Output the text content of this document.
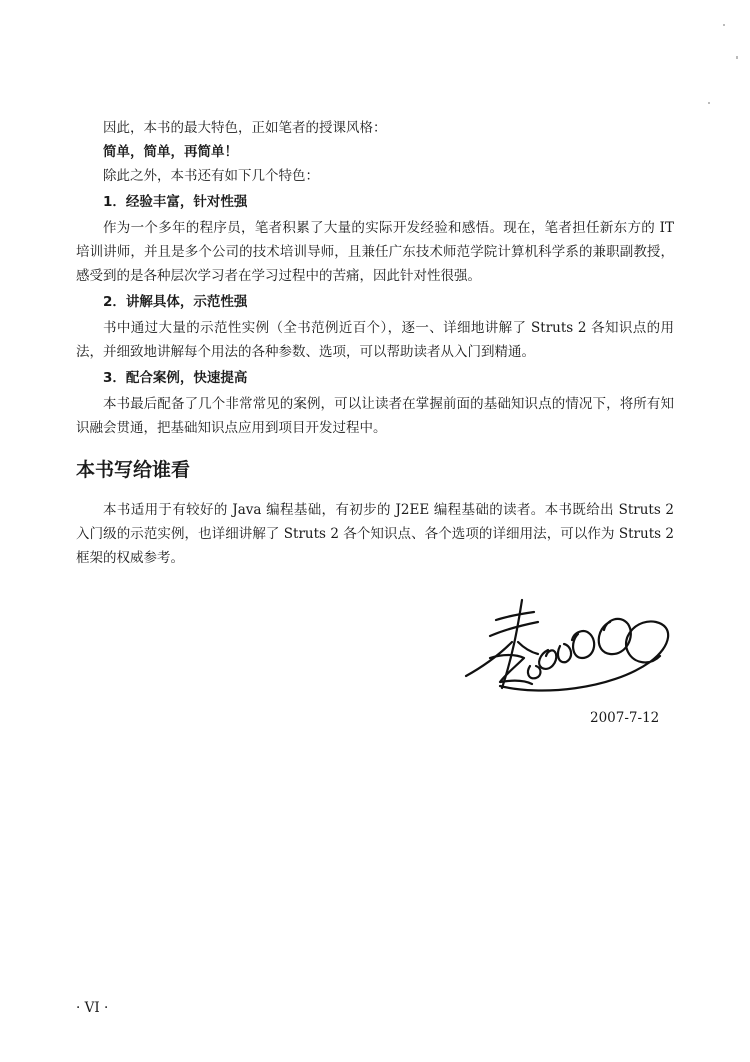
因此，本书的最大特色，正如笔者的授课风格：

简单，简单，再简单！

除此之外，本书还有如下几个特色：

1．经验丰富，针对性强

作为一个多年的程序员，笔者积累了大量的实际开发经验和感悟。现在，笔者担任新东方的 IT 培训讲师，并且是多个公司的技术培训导师，且兼任广东技术师范学院计算机科学系的兼职副教授，感受到的是各种层次学习者在学习过程中的苦痛，因此针对性很强。

2．讲解具体，示范性强

书中通过大量的示范性实例（全书范例近百个），逐一、详细地讲解了 Struts 2 各知识点的用法，并细致地讲解每个用法的各种参数、选项，可以帮助读者从入门到精通。

3．配合案例，快速提高

本书最后配备了几个非常常见的案例，可以让读者在掌握前面的基础知识点的情况下，将所有知识融会贯通，把基础知识点应用到项目开发过程中。

本书写给谁看

本书适用于有较好的 Java 编程基础，有初步的 J2EE 编程基础的读者。本书既给出 Struts 2 入门级的示范实例，也详细讲解了 Struts 2 各个知识点、各个选项的详细用法，可以作为 Struts 2 框架的权威参考。

2007-7-12
· VI ·
